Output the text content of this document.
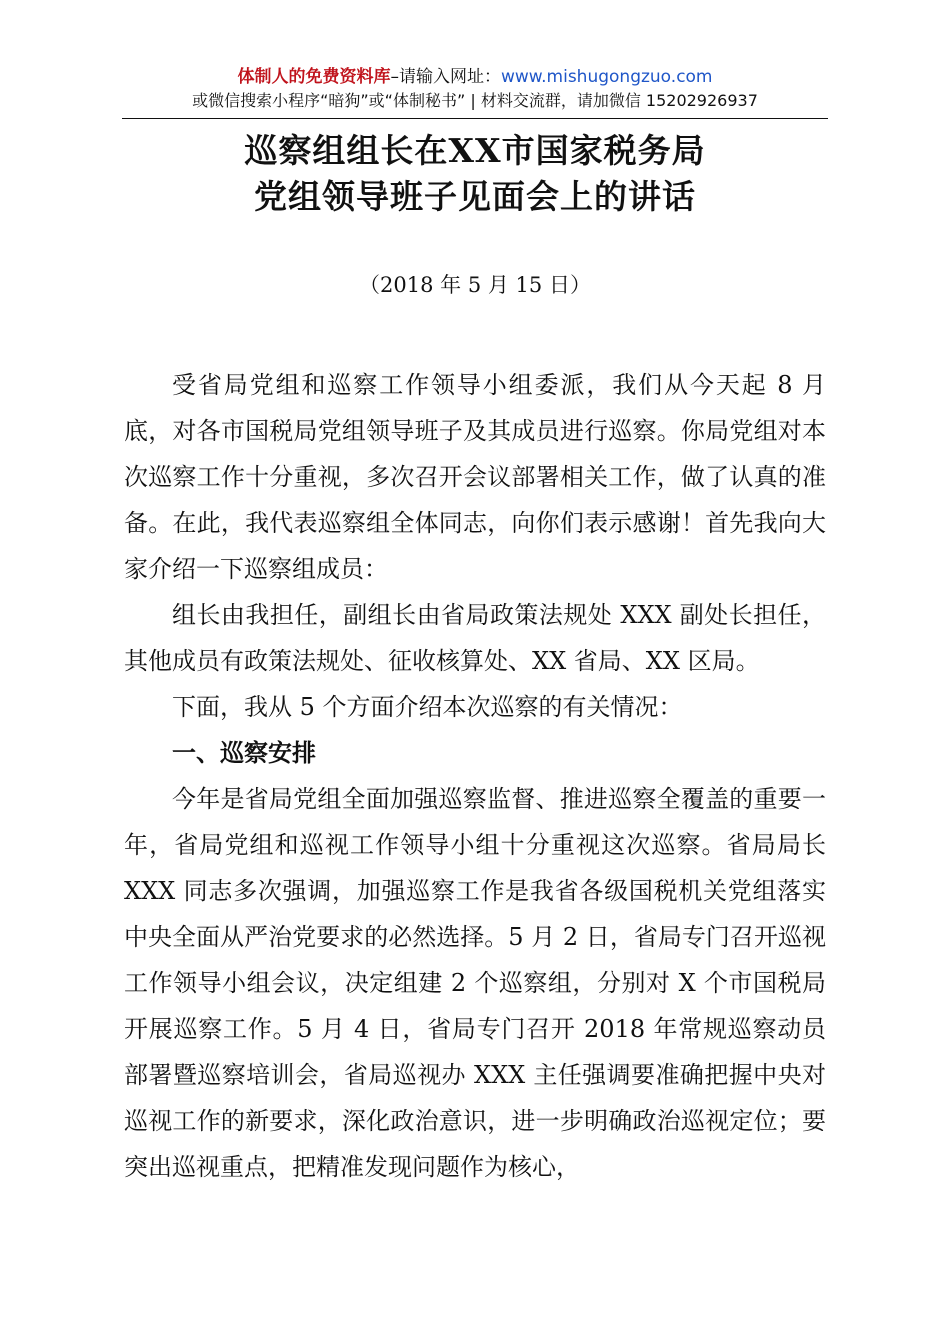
体制人的免费资料库–请输入网址：www.mishugongzuo.com
或微信搜索小程序“暗狗”或“体制秘书” | 材料交流群，请加微信 15202926937
巡察组组长在XX市国家税务局
党组领导班子见面会上的讲话
（2018 年 5 月 15 日）

受省局党组和巡察工作领导小组委派，我们从今天起 8 月底，对各市国税局党组领导班子及其成员进行巡察。你局党组对本次巡察工作十分重视，多次召开会议部署相关工作，做了认真的准备。在此，我代表巡察组全体同志，向你们表示感谢！首先我向大家介绍一下巡察组成员：

组长由我担任，副组长由省局政策法规处 XXX 副处长担任，其他成员有政策法规处、征收核算处、XX 省局、XX 区局。

下面，我从 5 个方面介绍本次巡察的有关情况：

一、巡察安排

今年是省局党组全面加强巡察监督、推进巡察全覆盖的重要一年，省局党组和巡视工作领导小组十分重视这次巡察。省局局长 XXX 同志多次强调，加强巡察工作是我省各级国税机关党组落实中央全面从严治党要求的必然选择。5 月 2 日，省局专门召开巡视工作领导小组会议，决定组建 2 个巡察组，分别对 X 个市国税局开展巡察工作。5 月 4 日，省局专门召开 2018 年常规巡察动员部署暨巡察培训会，省局巡视办 XXX 主任强调要准确把握中央对巡视工作的新要求，深化政治意识，进一步明确政治巡视定位；要突出巡视重点，把精准发现问题作为核心，
